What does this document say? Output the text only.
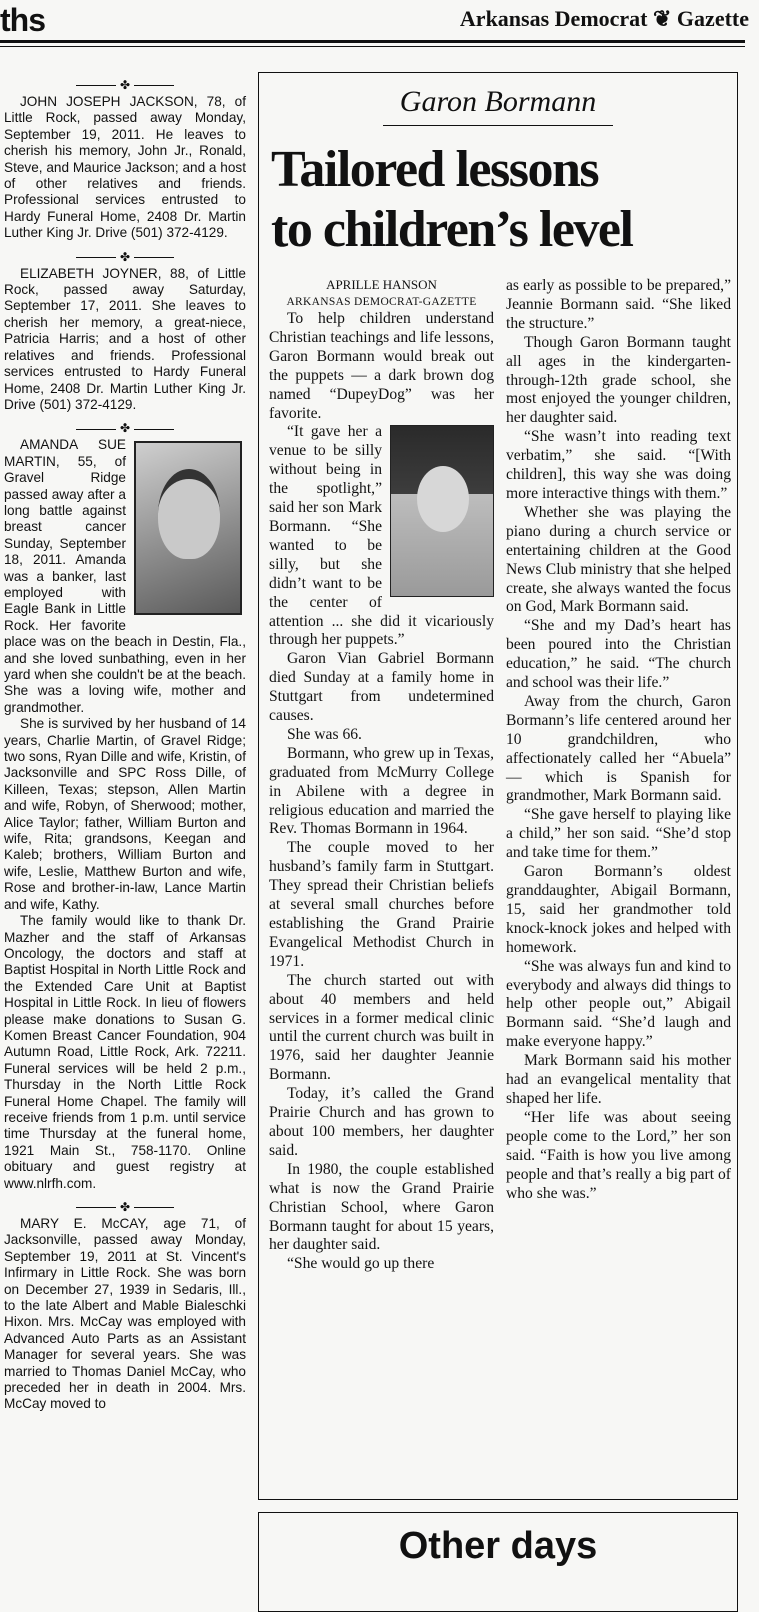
ths	Arkansas Democrat ❦ Gazette
✤

JOHN JOSEPH JACKSON, 78, of Little Rock, passed away Monday, September 19, 2011. He leaves to cherish his memory, John Jr., Ronald, Steve, and Maurice Jackson; and a host of other relatives and friends. Professional services entrusted to Hardy Funeral Home, 2408 Dr. Martin Luther King Jr. Drive (501) 372-4129.

✤

ELIZABETH JOYNER, 88, of Little Rock, passed away Saturday, September 17, 2011. She leaves to cherish her memory, a great-niece, Patricia Harris; and a host of other relatives and friends. Professional services entrusted to Hardy Funeral Home, 2408 Dr. Martin Luther King Jr. Drive (501) 372-4129.

✤

AMANDA SUE MARTIN, 55, of Gravel Ridge passed away after a long battle against breast cancer Sunday, September 18, 2011. Amanda was a banker, last employed with Eagle Bank in Little Rock. Her favorite place was on the beach in Destin, Fla., and she loved sunbathing, even in her yard when she couldn't be at the beach. She was a loving wife, mother and grandmother.

She is survived by her husband of 14 years, Charlie Martin, of Gravel Ridge; two sons, Ryan Dille and wife, Kristin, of Jacksonville and SPC Ross Dille, of Killeen, Texas; stepson, Allen Martin and wife, Robyn, of Sherwood; mother, Alice Taylor; father, William Burton and wife, Rita; grandsons, Keegan and Kaleb; brothers, William Burton and wife, Leslie, Matthew Burton and wife, Rose and brother-in-law, Lance Martin and wife, Kathy.

The family would like to thank Dr. Mazher and the staff of Arkansas Oncology, the doctors and staff at Baptist Hospital in North Little Rock and the Extended Care Unit at Baptist Hospital in Little Rock. In lieu of flowers please make donations to Susan G. Komen Breast Cancer Foundation, 904 Autumn Road, Little Rock, Ark. 72211. Funeral services will be held 2 p.m., Thursday in the North Little Rock Funeral Home Chapel. The family will receive friends from 1 p.m. until service time Thursday at the funeral home, 1921 Main St., 758-1170. Online obituary and guest registry at www.nlrfh.com.

✤

MARY E. McCAY, age 71, of Jacksonville, passed away Monday, September 19, 2011 at St. Vincent's Infirmary in Little Rock. She was born on December 27, 1939 in Sedaris, Ill., to the late Albert and Mable Bialeschki Hixon. Mrs. McCay was employed with Advanced Auto Parts as an Assistant Manager for several years. She was married to Thomas Daniel McCay, who preceded her in death in 2004. Mrs. McCay moved to

Garon Bormann
Tailored lessons
to children’s level

APRILLE HANSON
ARKANSAS DEMOCRAT-GAZETTE

To help children understand Christian teachings and life lessons, Garon Bormann would break out the puppets — a dark brown dog named “DupeyDog” was her favorite.

“It gave her a venue to be silly without being in the spotlight,” said her son Mark Bormann. “She wanted to be silly, but she didn’t want to be the center of attention ... she did it vicariously through her puppets.”

Garon Vian Gabriel Bormann died Sunday at a family home in Stuttgart from undetermined causes.

She was 66.

Bormann, who grew up in Texas, graduated from McMurry College in Abilene with a degree in religious education and married the Rev. Thomas Bormann in 1964.

The couple moved to her husband’s family farm in Stuttgart. They spread their Christian beliefs at several small churches before establishing the Grand Prairie Evangelical Methodist Church in 1971.

The church started out with about 40 members and held services in a former medical clinic until the current church was built in 1976, said her daughter Jeannie Bormann.

Today, it’s called the Grand Prairie Church and has grown to about 100 members, her daughter said.

In 1980, the couple established what is now the Grand Prairie Christian School, where Garon Bormann taught for about 15 years, her daughter said.

“She would go up there

as early as possible to be prepared,” Jeannie Bormann said. “She liked the structure.”

Though Garon Bormann taught all ages in the kindergarten-through-12th grade school, she most enjoyed the younger children, her daughter said.

“She wasn’t into reading text verbatim,” she said. “[With children], this way she was doing more interactive things with them.”

Whether she was playing the piano during a church service or entertaining children at the Good News Club ministry that she helped create, she always wanted the focus on God, Mark Bormann said.

“She and my Dad’s heart has been poured into the Christian education,” he said. “The church and school was their life.”

Away from the church, Garon Bormann’s life centered around her 10 grandchildren, who affectionately called her “Abuela” — which is Spanish for grandmother, Mark Bormann said.

“She gave herself to playing like a child,” her son said. “She’d stop and take time for them.”

Garon Bormann’s oldest granddaughter, Abigail Bormann, 15, said her grandmother told knock-knock jokes and helped with homework.

“She was always fun and kind to everybody and always did things to help other people out,” Abigail Bormann said. “She’d laugh and make everyone happy.”

Mark Bormann said his mother had an evangelical mentality that shaped her life.

“Her life was about seeing people come to the Lord,” her son said. “Faith is how you live among people and that’s really a big part of who she was.”

Other days
